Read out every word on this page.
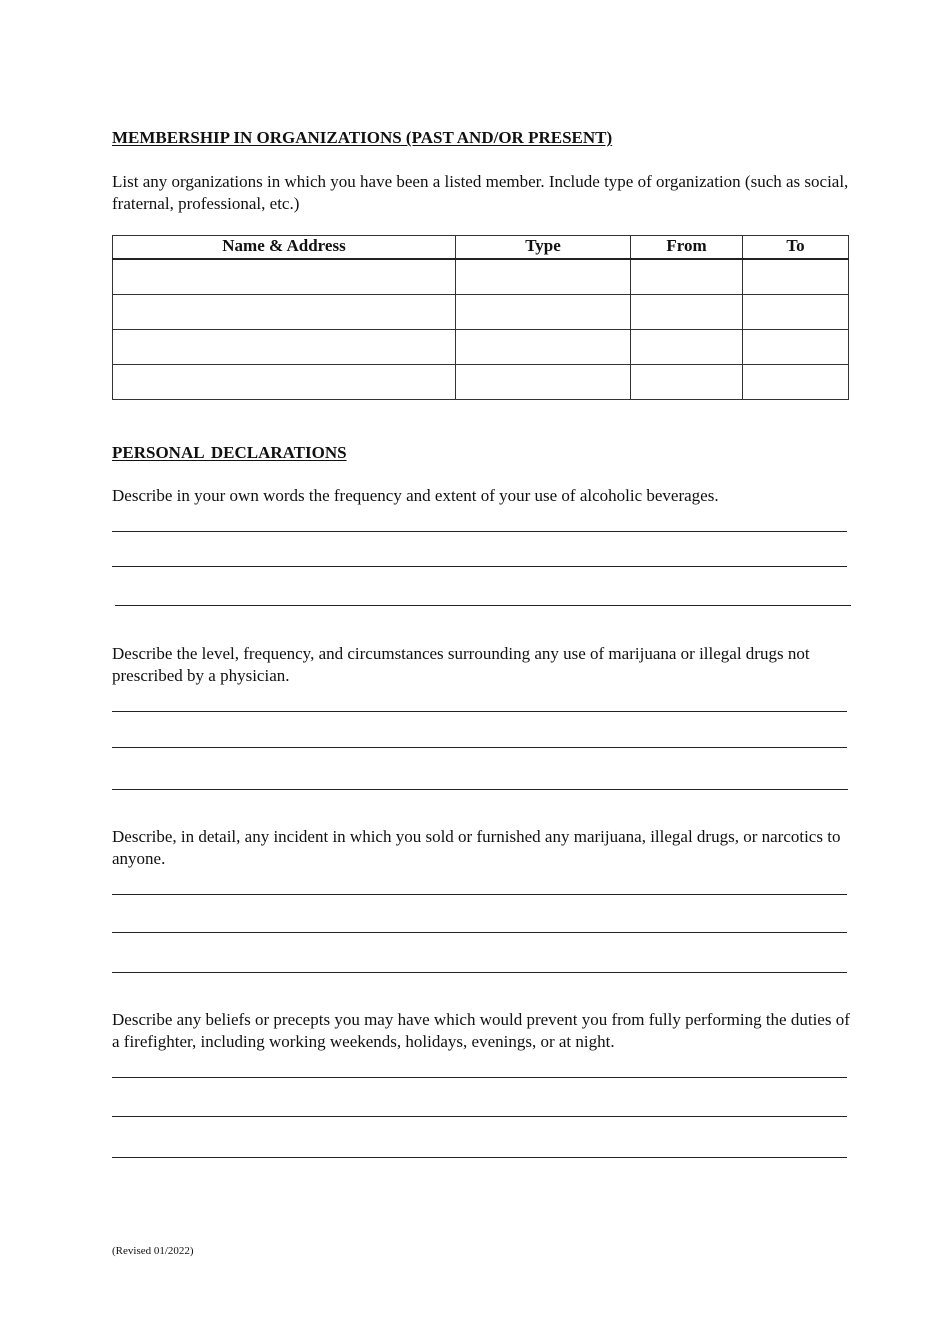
MEMBERSHIP IN ORGANIZATIONS (PAST AND/OR PRESENT)

List any organizations in which you have been a listed member. Include type of organization (such as social, fraternal, professional, etc.)

Name & Address	Type	From	To

PERSONAL DECLARATIONS

Describe in your own words the frequency and extent of your use of alcoholic beverages.

Describe the level, frequency, and circumstances surrounding any use of marijuana or illegal drugs not prescribed by a physician.

Describe, in detail, any incident in which you sold or furnished any marijuana, illegal drugs, or narcotics to anyone.

Describe any beliefs or precepts you may have which would prevent you from fully performing the duties of a firefighter, including working weekends, holidays, evenings, or at night.

(Revised 01/2022)
